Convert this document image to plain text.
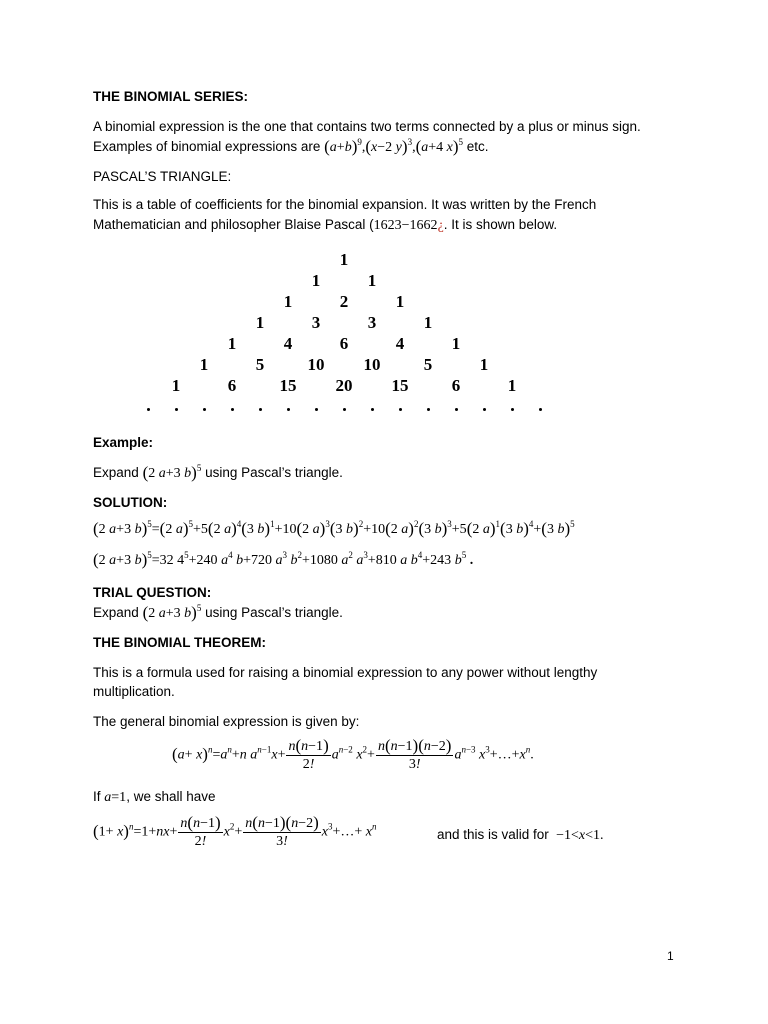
THE BINOMIAL SERIES:
A binomial expression is the one that contains two terms connected by a plus or minus sign.
Examples of binomial expressions are $(a+b)^9,(x-2$ y)$^3$,(a+4 x)$^5$ etc.
PASCAL’S TRIANGLE:
This is a table of coefficients for the binomial expansion. It was written by the French
Mathematician and philosopher Blaise Pascal (1623−1662¿. It is shown below.
1
1	1
1	2	1
1	3	3	1
1	4	6	4	1
1	5	10 10	5	1
1	6	15 20 15	6	1
Example:
Expand (2 a+3 b)$^5$ using Pascal’s triangle.
SOLUTION:
(2 a+3 b)$^5$=(2 a)$^5$+5(2 a)$^4$(3 b)$^1$+10(2 a)$^3$(3 b)$^2$+10(2 a)$^2$(3 b)$^3$+5(2 a)$^1$(3 b)$^4$+(3 b)$^5$
(2 a+3 b)$^5$=32 $4^5+240$ $a^4$ b+720 $a^3$ $b^2+1080$ $a^2$ $a^3+810$ a $b^4+243$ $b^5$ .
TRIAL QUESTION:
Expand (2 a+3 b)$^5$ using Pascal’s triangle.
THE BINOMIAL THEOREM:
This is a formula used for raising a binomial expression to any power without lengthy
multiplication.
The general binomial expression is given by:
$(a+ x)^n=a^n+n$ $a^{n-1}x+ \frac{n(n-1)}{2!} a^{n-2}$ $x^2+ \frac{n(n-1)(n-2)}{3!} a^{n-3}$ $x^3+\dots+x^n$.
If a=1, we shall have
$(1+ x)^n=1+nx+ \frac{n(n-1)}{2!} x^2+ \frac{n(n-1)(n-2)}{3!}$ $x^3+\dots+ x^n$
and this is valid for  −1<x<1.
1
